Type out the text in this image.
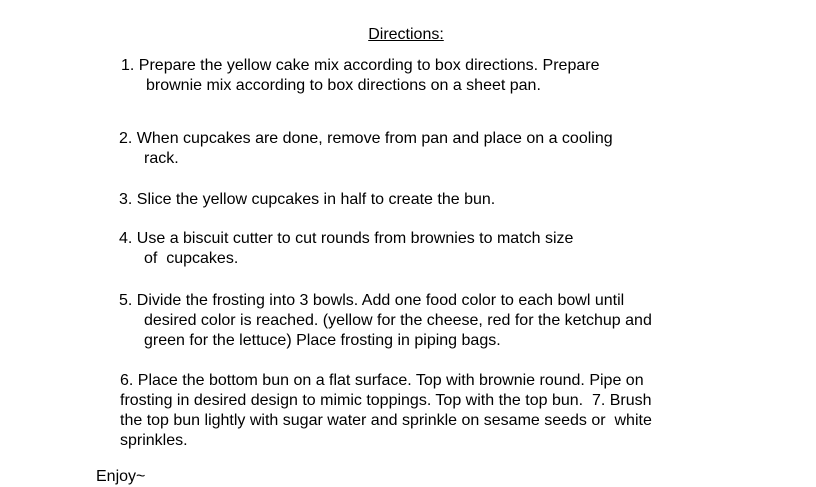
Directions:
1. Prepare the yellow cake mix according to box directions. Prepare
brownie mix according to box directions on a sheet pan.
2. When cupcakes are done, remove from pan and place on a cooling
rack.
3. Slice the yellow cupcakes in half to create the bun.
4. Use a biscuit cutter to cut rounds from brownies to match size
of  cupcakes.
5. Divide the frosting into 3 bowls. Add one food color to each bowl until
desired color is reached. (yellow for the cheese, red for the ketchup and
green for the lettuce) Place frosting in piping bags.
6. Place the bottom bun on a flat surface. Top with brownie round. Pipe on
frosting in desired design to mimic toppings. Top with the top bun.  7. Brush
the top bun lightly with sugar water and sprinkle on sesame seeds or  white
sprinkles.
Enjoy~
